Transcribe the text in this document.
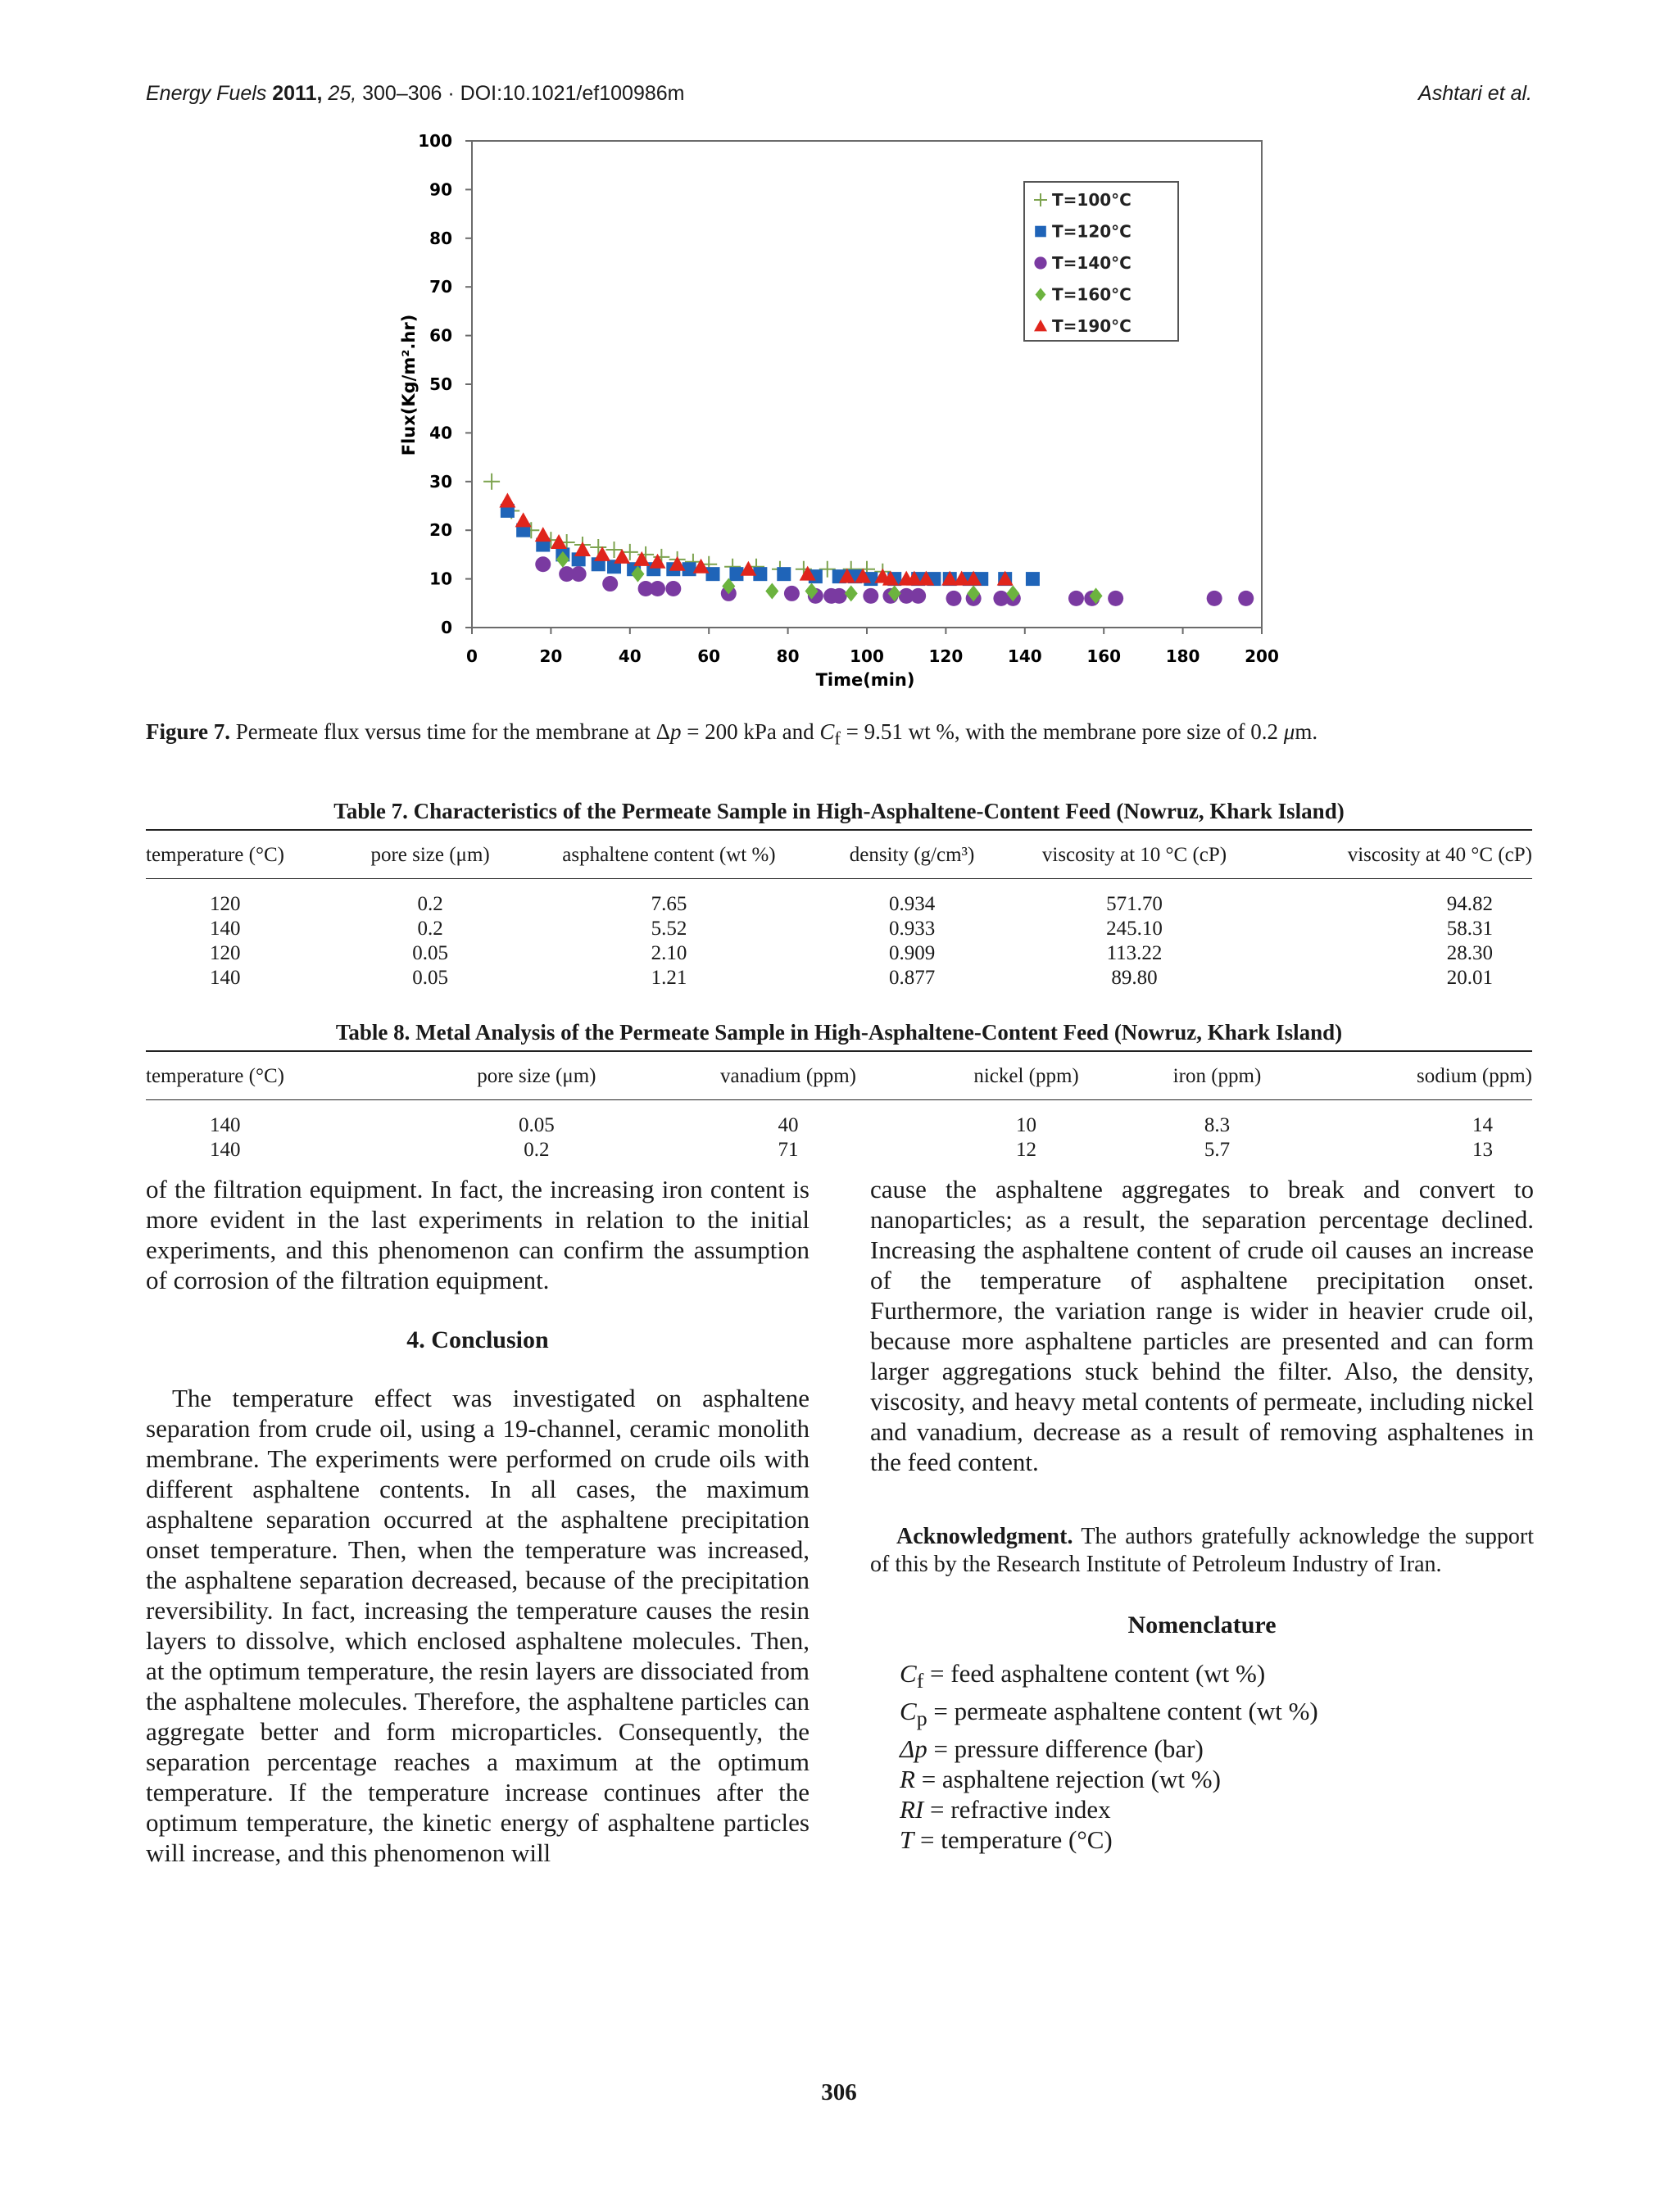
Energy Fuels 2011, 25, 300–306 · DOI:10.1021/ef100986m	Ashtari et al.
0	20	40	60	80	100	120	140	160	180	200
0
10
20
30
40
50
60
70
80
90
100
Time(min)
Flux(Kg/m².hr)
T=100°C
T=120°C
T=140°C
T=160°C
T=190°C
Figure 7. Permeate flux versus time for the membrane at Δp = 200 kPa and $C_f = 9.51$ wt %, with the membrane pore size of 0.2 μm.
Table 7. Characteristics of the Permeate Sample in High-Asphaltene-Content Feed (Nowruz, Khark Island)
temperature (°C)	pore size (μm)	asphaltene content (wt %)	density (g/cm³)	viscosity at 10 °C (cP)	viscosity at 40 °C (cP)
120	0.2	7.65	0.934	571.70	94.82
140	0.2	5.52	0.933	245.10	58.31
120	0.05	2.10	0.909	113.22	28.30
140	0.05	1.21	0.877	89.80	20.01
Table 8. Metal Analysis of the Permeate Sample in High-Asphaltene-Content Feed (Nowruz, Khark Island)
temperature (°C)	pore size (μm)	vanadium (ppm)	nickel (ppm)	iron (ppm)	sodium (ppm)
140	0.05	40	10	8.3	14
140	0.2	71	12	5.7	13

of the filtration equipment. In fact, the increasing iron content is more evident in the last experiments in relation to the initial experiments, and this phenomenon can confirm the assumption of corrosion of the filtration equipment.

4. Conclusion

The temperature effect was investigated on asphaltene separation from crude oil, using a 19-channel, ceramic monolith membrane. The experiments were performed on crude oils with different asphaltene contents. In all cases, the maximum asphaltene separation occurred at the asphaltene precipitation onset temperature. Then, when the temperature was increased, the asphaltene separation decreased, because of the precipitation reversibility. In fact, increasing the temperature causes the resin layers to dissolve, which enclosed asphaltene molecules. Then, at the optimum temperature, the resin layers are dissociated from the asphaltene molecules. Therefore, the asphaltene particles can aggregate better and form microparticles. Consequently, the separation percentage reaches a maximum at the optimum temperature. If the temperature increase continues after the optimum temperature, the kinetic energy of asphaltene particles will increase, and this phenomenon will

cause the asphaltene aggregates to break and convert to nanoparticles; as a result, the separation percentage declined. Increasing the asphaltene content of crude oil causes an increase of the temperature of asphaltene precipitation onset. Furthermore, the variation range is wider in heavier crude oil, because more asphaltene particles are presented and can form larger aggregations stuck behind the filter. Also, the density, viscosity, and heavy metal contents of permeate, including nickel and vanadium, decrease as a result of removing asphaltenes in the feed content.

Acknowledgment. The authors gratefully acknowledge the support of this by the Research Institute of Petroleum Industry of Iran.

Nomenclature

$C_f$ = feed asphaltene content (wt %)
$C_p$ = permeate asphaltene content (wt %)
Δp = pressure difference (bar)
R = asphaltene rejection (wt %)
RI = refractive index
T = temperature (°C)
306
